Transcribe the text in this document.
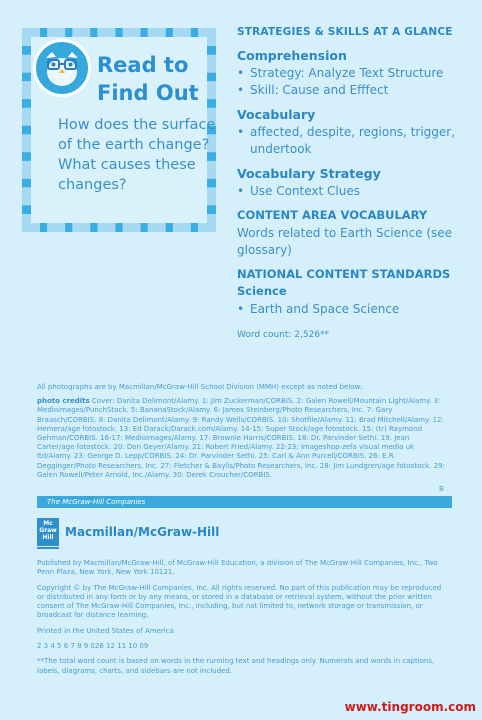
Read to
Find Out

How does the surface of the earth change? What causes these changes?

STRATEGIES & SKILLS AT A GLANCE
Comprehension
• Strategy: Analyze Text Structure
• Skill: Cause and Efffect
Vocabulary
• affected, despite, regions, trigger, undertook
Vocabulary Strategy
• Use Context Clues
CONTENT AREA VOCABULARY

Words related to Earth Science (see glossary)

NATIONAL CONTENT STANDARDS
Science
• Earth and Space Science
Word count: 2,526**

All photographs are by Macmillan/McGraw-Hill School Division (MMH) except as noted below:

photo credits Cover: Danita Delimont/Alamy. 1: Jim Zuckerman/CORBIS. 2: Galen Rowell/Mountain Light/Alamy. 3: Medioimages/PunchStock. 5: BananaStock/Alamy. 6: James Steinberg/Photo Researchers, Inc. 7: Gary Braasch/CORBIS. 8: Danita Delimont/Alamy. 9: Randy Wells/CORBIS. 10: Shotfile/Alamy. 11: Brad Mitchell/Alamy. 12: Hemera/age fotostock. 13: Ed Darack/Darack.com/Alamy. 14-15: Super Stock/age fotostock. 15: (tr) Raymond Gehman/CORBIS. 16-17: Medioimages/Alamy. 17: Brownie Harris/CORBIS. 18: Dr. Parvinder Sethi. 19: Jean Carter/age fotostock. 20: Don Geyer/Alamy. 21: Robert Fried/Alamy. 22-23: Imageshop-zefa visual media uk ltd/Alamy. 23: George D. Lepp/CORBIS. 24: Dr. Parvinder Sethi. 25: Carl & Ann Purcell/CORBIS. 26: E.R. Degginger/Photo Researchers, Inc. 27: Fletcher & Baylis/Photo Researchers, Inc. 28: Jim Lundgren/age fotostock. 29: Galen Rowell/Peter Arnold, Inc./Alamy. 30: Derek Croucher/CORBIS.

B
The McGraw-Hill Companies
Mc Graw Hill Macmillan/McGraw-Hill

Published by Macmillan/McGraw-Hill, of McGraw-Hill Education, a division of The McGraw-Hill Companies, Inc., Two Penn Plaza, New York, New York 10121.

Copyright © by The McGraw-Hill Companies, Inc. All rights reserved. No part of this publication may be reproduced or distributed in any form or by any means, or stored in a database or retrieval system, without the prior written consent of The McGraw-Hill Companies, Inc., including, but not limited to, network storage or transmission, or broadcast for distance learning.

Printed in the United States of America

2 3 4 5 6 7 8 9 026 12 11 10 09

**The total word count is based on words in the running text and headings only. Numerals and words in captions, labels, diagrams, charts, and sidebars are not included.

www.tingroom.com
